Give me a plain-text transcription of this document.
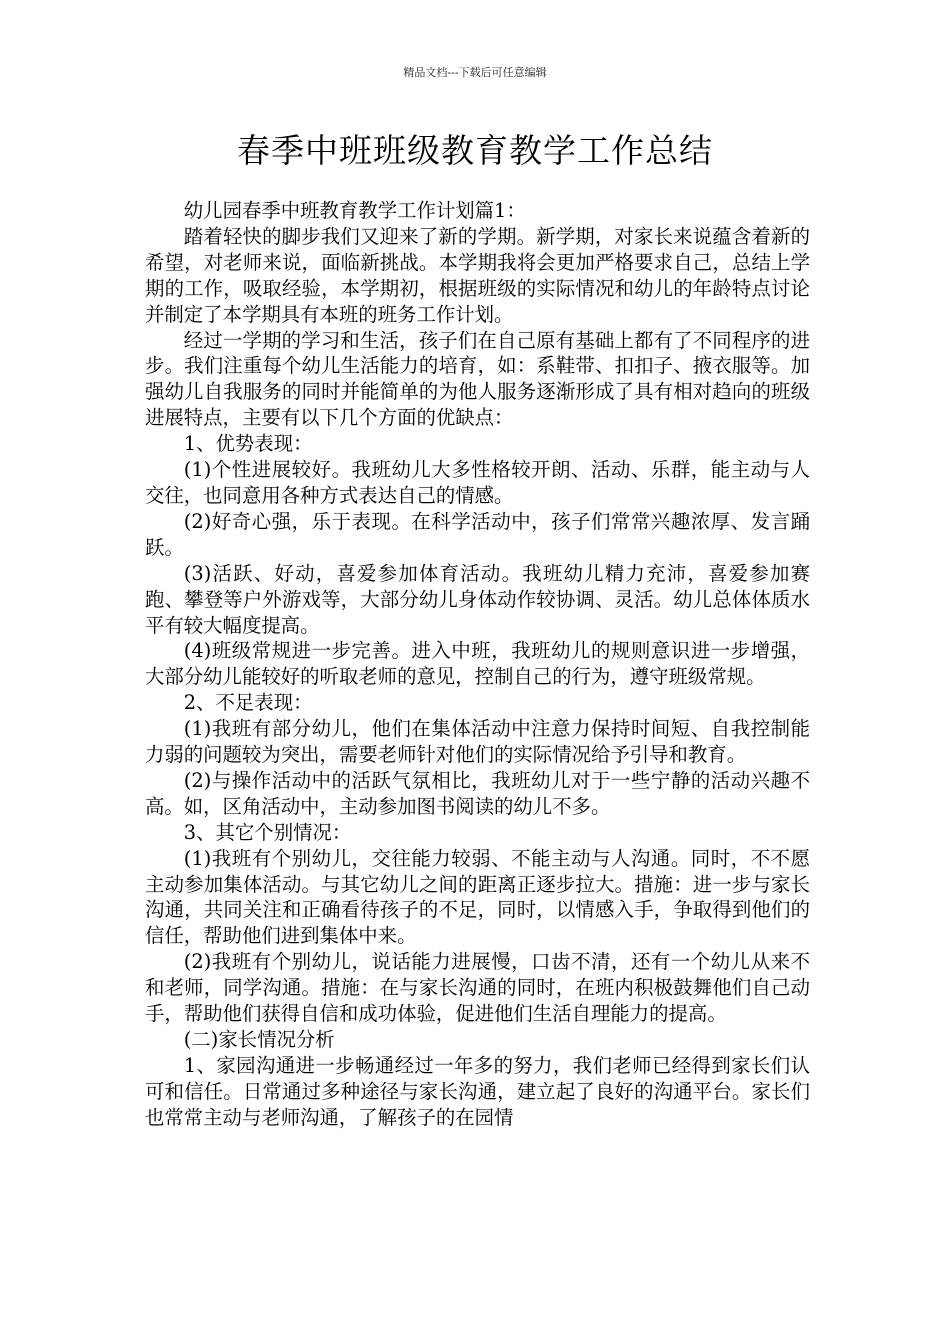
精品文档---下载后可任意编辑
春季中班班级教育教学工作总结

幼儿园春季中班教育教学工作计划篇1：

踏着轻快的脚步我们又迎来了新的学期。新学期，对家长来说蕴含着新的希望，对老师来说，面临新挑战。本学期我将会更加严格要求自己，总结上学期的工作，吸取经验，本学期初，根据班级的实际情况和幼儿的年龄特点讨论并制定了本学期具有本班的班务工作计划。

经过一学期的学习和生活，孩子们在自己原有基础上都有了不同程序的进步。我们注重每个幼儿生活能力的培育，如：系鞋带、扣扣子、掖衣服等。加强幼儿自我服务的同时并能简单的为他人服务逐渐形成了具有相对趋向的班级进展特点，主要有以下几个方面的优缺点：

1、优势表现：

(1)个性进展较好。我班幼儿大多性格较开朗、活动、乐群，能主动与人交往，也同意用各种方式表达自己的情感。

(2)好奇心强，乐于表现。在科学活动中，孩子们常常兴趣浓厚、发言踊跃。

(3)活跃、好动，喜爱参加体育活动。我班幼儿精力充沛，喜爱参加赛跑、攀登等户外游戏等，大部分幼儿身体动作较协调、灵活。幼儿总体体质水平有较大幅度提高。

(4)班级常规进一步完善。进入中班，我班幼儿的规则意识进一步增强，大部分幼儿能较好的听取老师的意见，控制自己的行为，遵守班级常规。

2、不足表现：

(1)我班有部分幼儿，他们在集体活动中注意力保持时间短、自我控制能力弱的问题较为突出，需要老师针对他们的实际情况给予引导和教育。

(2)与操作活动中的活跃气氛相比，我班幼儿对于一些宁静的活动兴趣不高。如，区角活动中，主动参加图书阅读的幼儿不多。

3、其它个别情况：

(1)我班有个别幼儿，交往能力较弱、不能主动与人沟通。同时，不不愿主动参加集体活动。与其它幼儿之间的距离正逐步拉大。措施：进一步与家长沟通，共同关注和正确看待孩子的不足，同时，以情感入手，争取得到他们的信任，帮助他们进到集体中来。

(2)我班有个别幼儿，说话能力进展慢，口齿不清，还有一个幼儿从来不和老师，同学沟通。措施：在与家长沟通的同时，在班内积极鼓舞他们自己动手，帮助他们获得自信和成功体验，促进他们生活自理能力的提高。

(二)家长情况分析

1、家园沟通进一步畅通经过一年多的努力，我们老师已经得到家长们认可和信任。日常通过多种途径与家长沟通，建立起了良好的沟通平台。家长们也常常主动与老师沟通，了解孩子的在园情
